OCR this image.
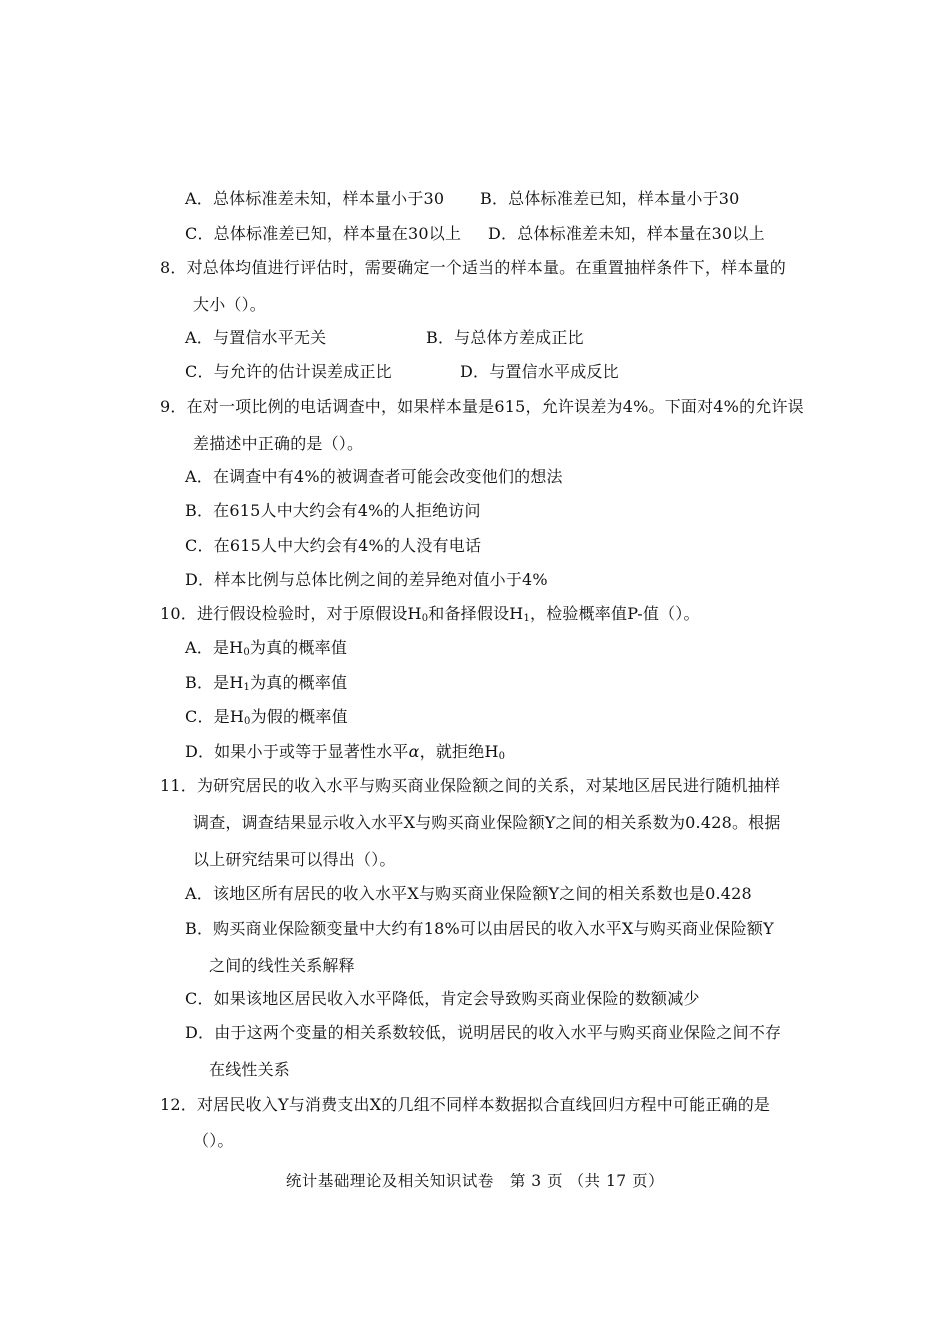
A．总体标准差未知，样本量小于30 B．总体标准差已知，样本量小于30
C．总体标准差已知，样本量在30以上 D．总体标准差未知，样本量在30以上
8．对总体均值进行评估时，需要确定一个适当的样本量。在重置抽样条件下，样本量的
大小（）。
A．与置信水平无关	B．与总体方差成正比
C．与允许的估计误差成正比	D．与置信水平成反比
9．在对一项比例的电话调查中，如果样本量是615，允许误差为4%。下面对4%的允许误
差描述中正确的是（）。
A．在调查中有4%的被调查者可能会改变他们的想法
B．在615人中大约会有4%的人拒绝访问
C．在615人中大约会有4%的人没有电话
D．样本比例与总体比例之间的差异绝对值小于4%
10．进行假设检验时，对于原假设$H_0$和备择假设$H_1$，检验概率值P-值（）。
A．是$H_0$为真的概率值
B．是$H_1$为真的概率值
C．是$H_0$为假的概率值
D．如果小于或等于显著性水平α，就拒绝$H_0$
11．为研究居民的收入水平与购买商业保险额之间的关系，对某地区居民进行随机抽样
调查，调查结果显示收入水平X与购买商业保险额Y之间的相关系数为0.428。根据
以上研究结果可以得出（）。
A．该地区所有居民的收入水平X与购买商业保险额Y之间的相关系数也是0.428
B．购买商业保险额变量中大约有18%可以由居民的收入水平X与购买商业保险额Y
之间的线性关系解释
C．如果该地区居民收入水平降低，肯定会导致购买商业保险的数额减少
D．由于这两个变量的相关系数较低，说明居民的收入水平与购买商业保险之间不存
在线性关系
12．对居民收入Y与消费支出X的几组不同样本数据拟合直线回归方程中可能正确的是
（）。
统计基础理论及相关知识试卷　第 3 页 （共 17 页）
